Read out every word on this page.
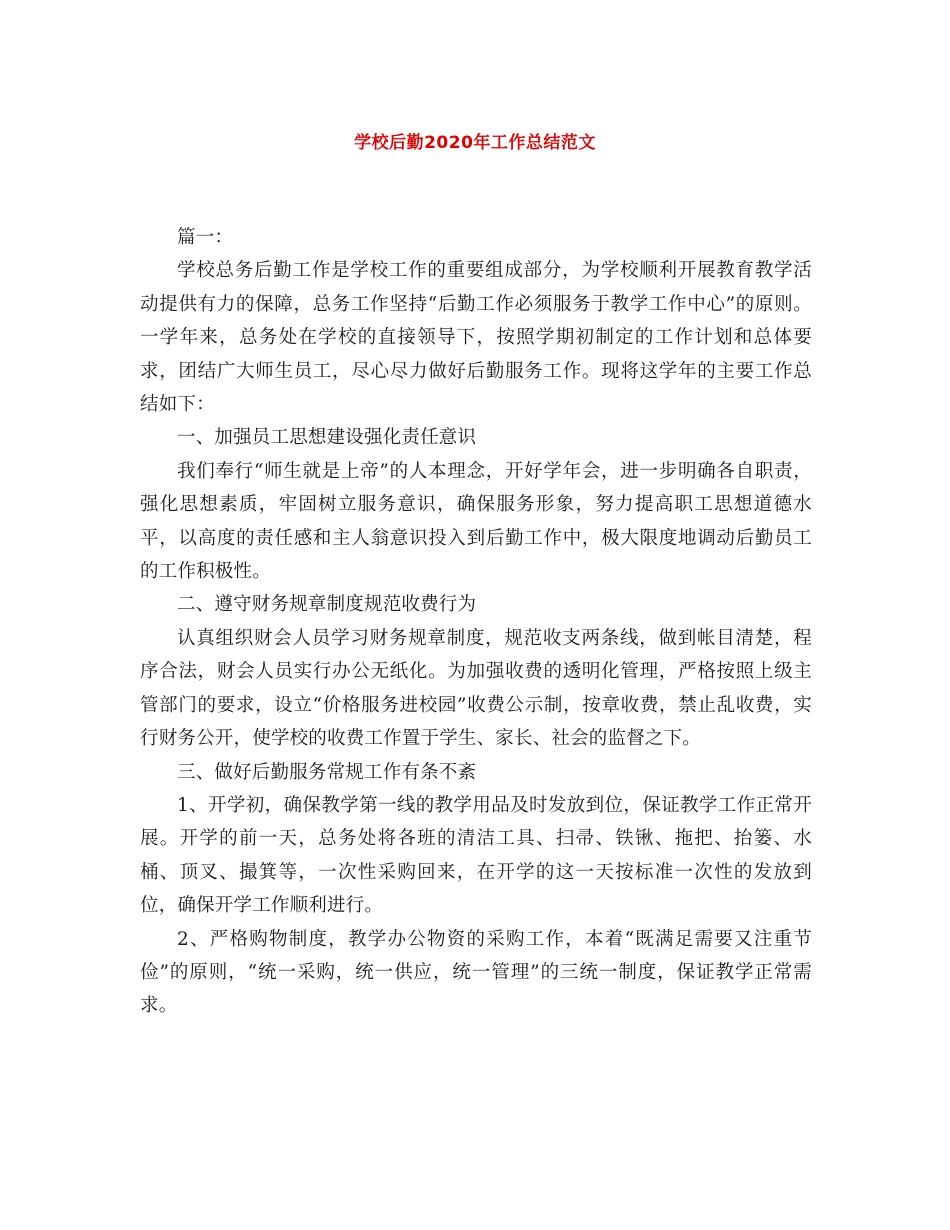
学校后勤2020年工作总结范文

篇一：

学校总务后勤工作是学校工作的重要组成部分，为学校顺利开展教育教学活动提供有力的保障，总务工作坚持“后勤工作必须服务于教学工作中心”的原则。一学年来，总务处在学校的直接领导下，按照学期初制定的工作计划和总体要求，团结广大师生员工，尽心尽力做好后勤服务工作。现将这学年的主要工作总结如下：

一、加强员工思想建设强化责任意识

我们奉行“师生就是上帝”的人本理念，开好学年会，进一步明确各自职责，强化思想素质，牢固树立服务意识，确保服务形象，努力提高职工思想道德水平，以高度的责任感和主人翁意识投入到后勤工作中，极大限度地调动后勤员工的工作积极性。

二、遵守财务规章制度规范收费行为

认真组织财会人员学习财务规章制度，规范收支两条线，做到帐目清楚，程序合法，财会人员实行办公无纸化。为加强收费的透明化管理，严格按照上级主管部门的要求，设立“价格服务进校园”收费公示制，按章收费，禁止乱收费，实行财务公开，使学校的收费工作置于学生、家长、社会的监督之下。

三、做好后勤服务常规工作有条不紊

1、开学初，确保教学第一线的教学用品及时发放到位，保证教学工作正常开展。开学的前一天，总务处将各班的清洁工具、扫帚、铁锹、拖把、抬篓、水桶、顶叉、撮箕等，一次性采购回来，在开学的这一天按标准一次性的发放到位，确保开学工作顺利进行。

2、严格购物制度，教学办公物资的采购工作，本着“既满足需要又注重节俭”的原则，“统一采购，统一供应，统一管理”的三统一制度，保证教学正常需求。
